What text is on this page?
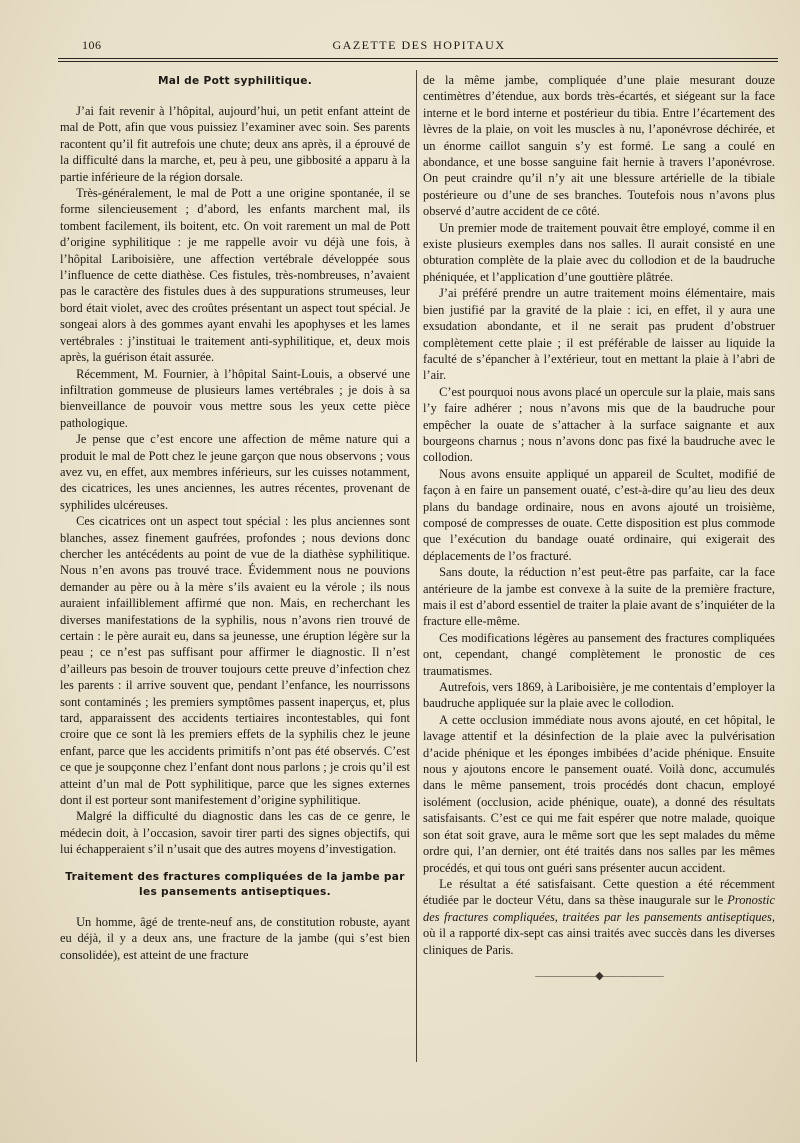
106	GAZETTE DES HOPITAUX
Mal de Pott syphilitique.

J’ai fait revenir à l’hôpital, aujourd’hui, un petit enfant atteint de mal de Pott, afin que vous puissiez l’examiner avec soin. Ses parents racontent qu’il fit autrefois une chute; deux ans après, il a éprouvé de la difficulté dans la marche, et, peu à peu, une gibbosité a apparu à la partie inférieure de la région dorsale.

Très-généralement, le mal de Pott a une origine spontanée, il se forme silencieusement ; d’abord, les enfants marchent mal, ils tombent facilement, ils boitent, etc. On voit rarement un mal de Pott d’origine syphilitique : je me rappelle avoir vu déjà une fois, à l’hôpital Lariboisière, une affection vertébrale développée sous l’influence de cette diathèse. Ces fistules, très-nombreuses, n’avaient pas le caractère des fistules dues à des suppurations strumeuses, leur bord était violet, avec des croûtes présentant un aspect tout spécial. Je songeai alors à des gommes ayant envahi les apophyses et les lames vertébrales : j’instituai le traitement anti-syphilitique, et, deux mois après, la guérison était assurée.

Récemment, M. Fournier, à l’hôpital Saint-Louis, a observé une infiltration gommeuse de plusieurs lames vertébrales ; je dois à sa bienveillance de pouvoir vous mettre sous les yeux cette pièce pathologique.

Je pense que c’est encore une affection de même nature qui a produit le mal de Pott chez le jeune garçon que nous observons ; vous avez vu, en effet, aux membres inférieurs, sur les cuisses notamment, des cicatrices, les unes anciennes, les autres récentes, provenant de syphilides ulcéreuses.

Ces cicatrices ont un aspect tout spécial : les plus anciennes sont blanches, assez finement gaufrées, profondes ; nous devions donc chercher les antécédents au point de vue de la diathèse syphilitique. Nous n’en avons pas trouvé trace. Évidemment nous ne pouvions demander au père ou à la mère s’ils avaient eu la vérole ; ils nous auraient infailliblement affirmé que non. Mais, en recherchant les diverses manifestations de la syphilis, nous n’avons rien trouvé de certain : le père aurait eu, dans sa jeunesse, une éruption légère sur la peau ; ce n’est pas suffisant pour affirmer le diagnostic. Il n’est d’ailleurs pas besoin de trouver toujours cette preuve d’infection chez les parents : il arrive souvent que, pendant l’enfance, les nourrissons sont contaminés ; les premiers symptômes passent inaperçus, et, plus tard, apparaissent des accidents tertiaires incontestables, qui font croire que ce sont là les premiers effets de la syphilis chez le jeune enfant, parce que les accidents primitifs n’ont pas été observés. C’est ce que je soupçonne chez l’enfant dont nous parlons ; je crois qu’il est atteint d’un mal de Pott syphilitique, parce que les signes externes dont il est porteur sont manifestement d’origine syphilitique.

Malgré la difficulté du diagnostic dans les cas de ce genre, le médecin doit, à l’occasion, savoir tirer parti des signes objectifs, qui lui échapperaient s’il n’usait que des autres moyens d’investigation.

Traitement des fractures compliquées de la jambe par les pansements antiseptiques.

Un homme, âgé de trente-neuf ans, de constitution robuste, ayant eu déjà, il y a deux ans, une fracture de la jambe (qui s’est bien consolidée), est atteint de une fracture

de la même jambe, compliquée d’une plaie mesurant douze centimètres d’étendue, aux bords très-écartés, et siégeant sur la face interne et le bord interne et postérieur du tibia. Entre l’écartement des lèvres de la plaie, on voit les muscles à nu, l’aponévrose déchirée, et un énorme caillot sanguin s’y est formé. Le sang a coulé en abondance, et une bosse sanguine fait hernie à travers l’aponévrose. On peut craindre qu’il n’y ait une blessure artérielle de la tibiale postérieure ou d’une de ses branches. Toutefois nous n’avons plus observé d’autre accident de ce côté.

Un premier mode de traitement pouvait être employé, comme il en existe plusieurs exemples dans nos salles. Il aurait consisté en une obturation complète de la plaie avec du collodion et de la baudruche phéniquée, et l’application d’une gouttière plâtrée.

J’ai préféré prendre un autre traitement moins élémentaire, mais bien justifié par la gravité de la plaie : ici, en effet, il y aura une exsudation abondante, et il ne serait pas prudent d’obstruer complètement cette plaie ; il est préférable de laisser au liquide la faculté de s’épancher à l’extérieur, tout en mettant la plaie à l’abri de l’air.

C’est pourquoi nous avons placé un opercule sur la plaie, mais sans l’y faire adhérer ; nous n’avons mis que de la baudruche pour empêcher la ouate de s’attacher à la surface saignante et aux bourgeons charnus ; nous n’avons donc pas fixé la baudruche avec le collodion.

Nous avons ensuite appliqué un appareil de Scultet, modifié de façon à en faire un pansement ouaté, c’est-à-dire qu’au lieu des deux plans du bandage ordinaire, nous en avons ajouté un troisième, composé de compresses de ouate. Cette disposition est plus commode que l’exécution du bandage ouaté ordinaire, qui exigerait des déplacements de l’os fracturé.

Sans doute, la réduction n’est peut-être pas parfaite, car la face antérieure de la jambe est convexe à la suite de la première fracture, mais il est d’abord essentiel de traiter la plaie avant de s’inquiéter de la fracture elle-même.

Ces modifications légères au pansement des fractures compliquées ont, cependant, changé complètement le pronostic de ces traumatismes.

Autrefois, vers 1869, à Lariboisière, je me contentais d’employer la baudruche appliquée sur la plaie avec le collodion.

A cette occlusion immédiate nous avons ajouté, en cet hôpital, le lavage attentif et la désinfection de la plaie avec la pulvérisation d’acide phénique et les éponges imbibées d’acide phénique. Ensuite nous y ajoutons encore le pansement ouaté. Voilà donc, accumulés dans le même pansement, trois procédés dont chacun, employé isolément (occlusion, acide phénique, ouate), a donné des résultats satisfaisants. C’est ce qui me fait espérer que notre malade, quoique son état soit grave, aura le même sort que les sept malades du même ordre qui, l’an dernier, ont été traités dans nos salles par les mêmes procédés, et qui tous ont guéri sans présenter aucun accident.

Le résultat a été satisfaisant. Cette question a été récemment étudiée par le docteur Vétu, dans sa thèse inaugurale sur le Pronostic des fractures compliquées, traitées par les pansements antiseptiques, où il a rapporté dix-sept cas ainsi traités avec succès dans les diverses cliniques de Paris.

——————◆——————
